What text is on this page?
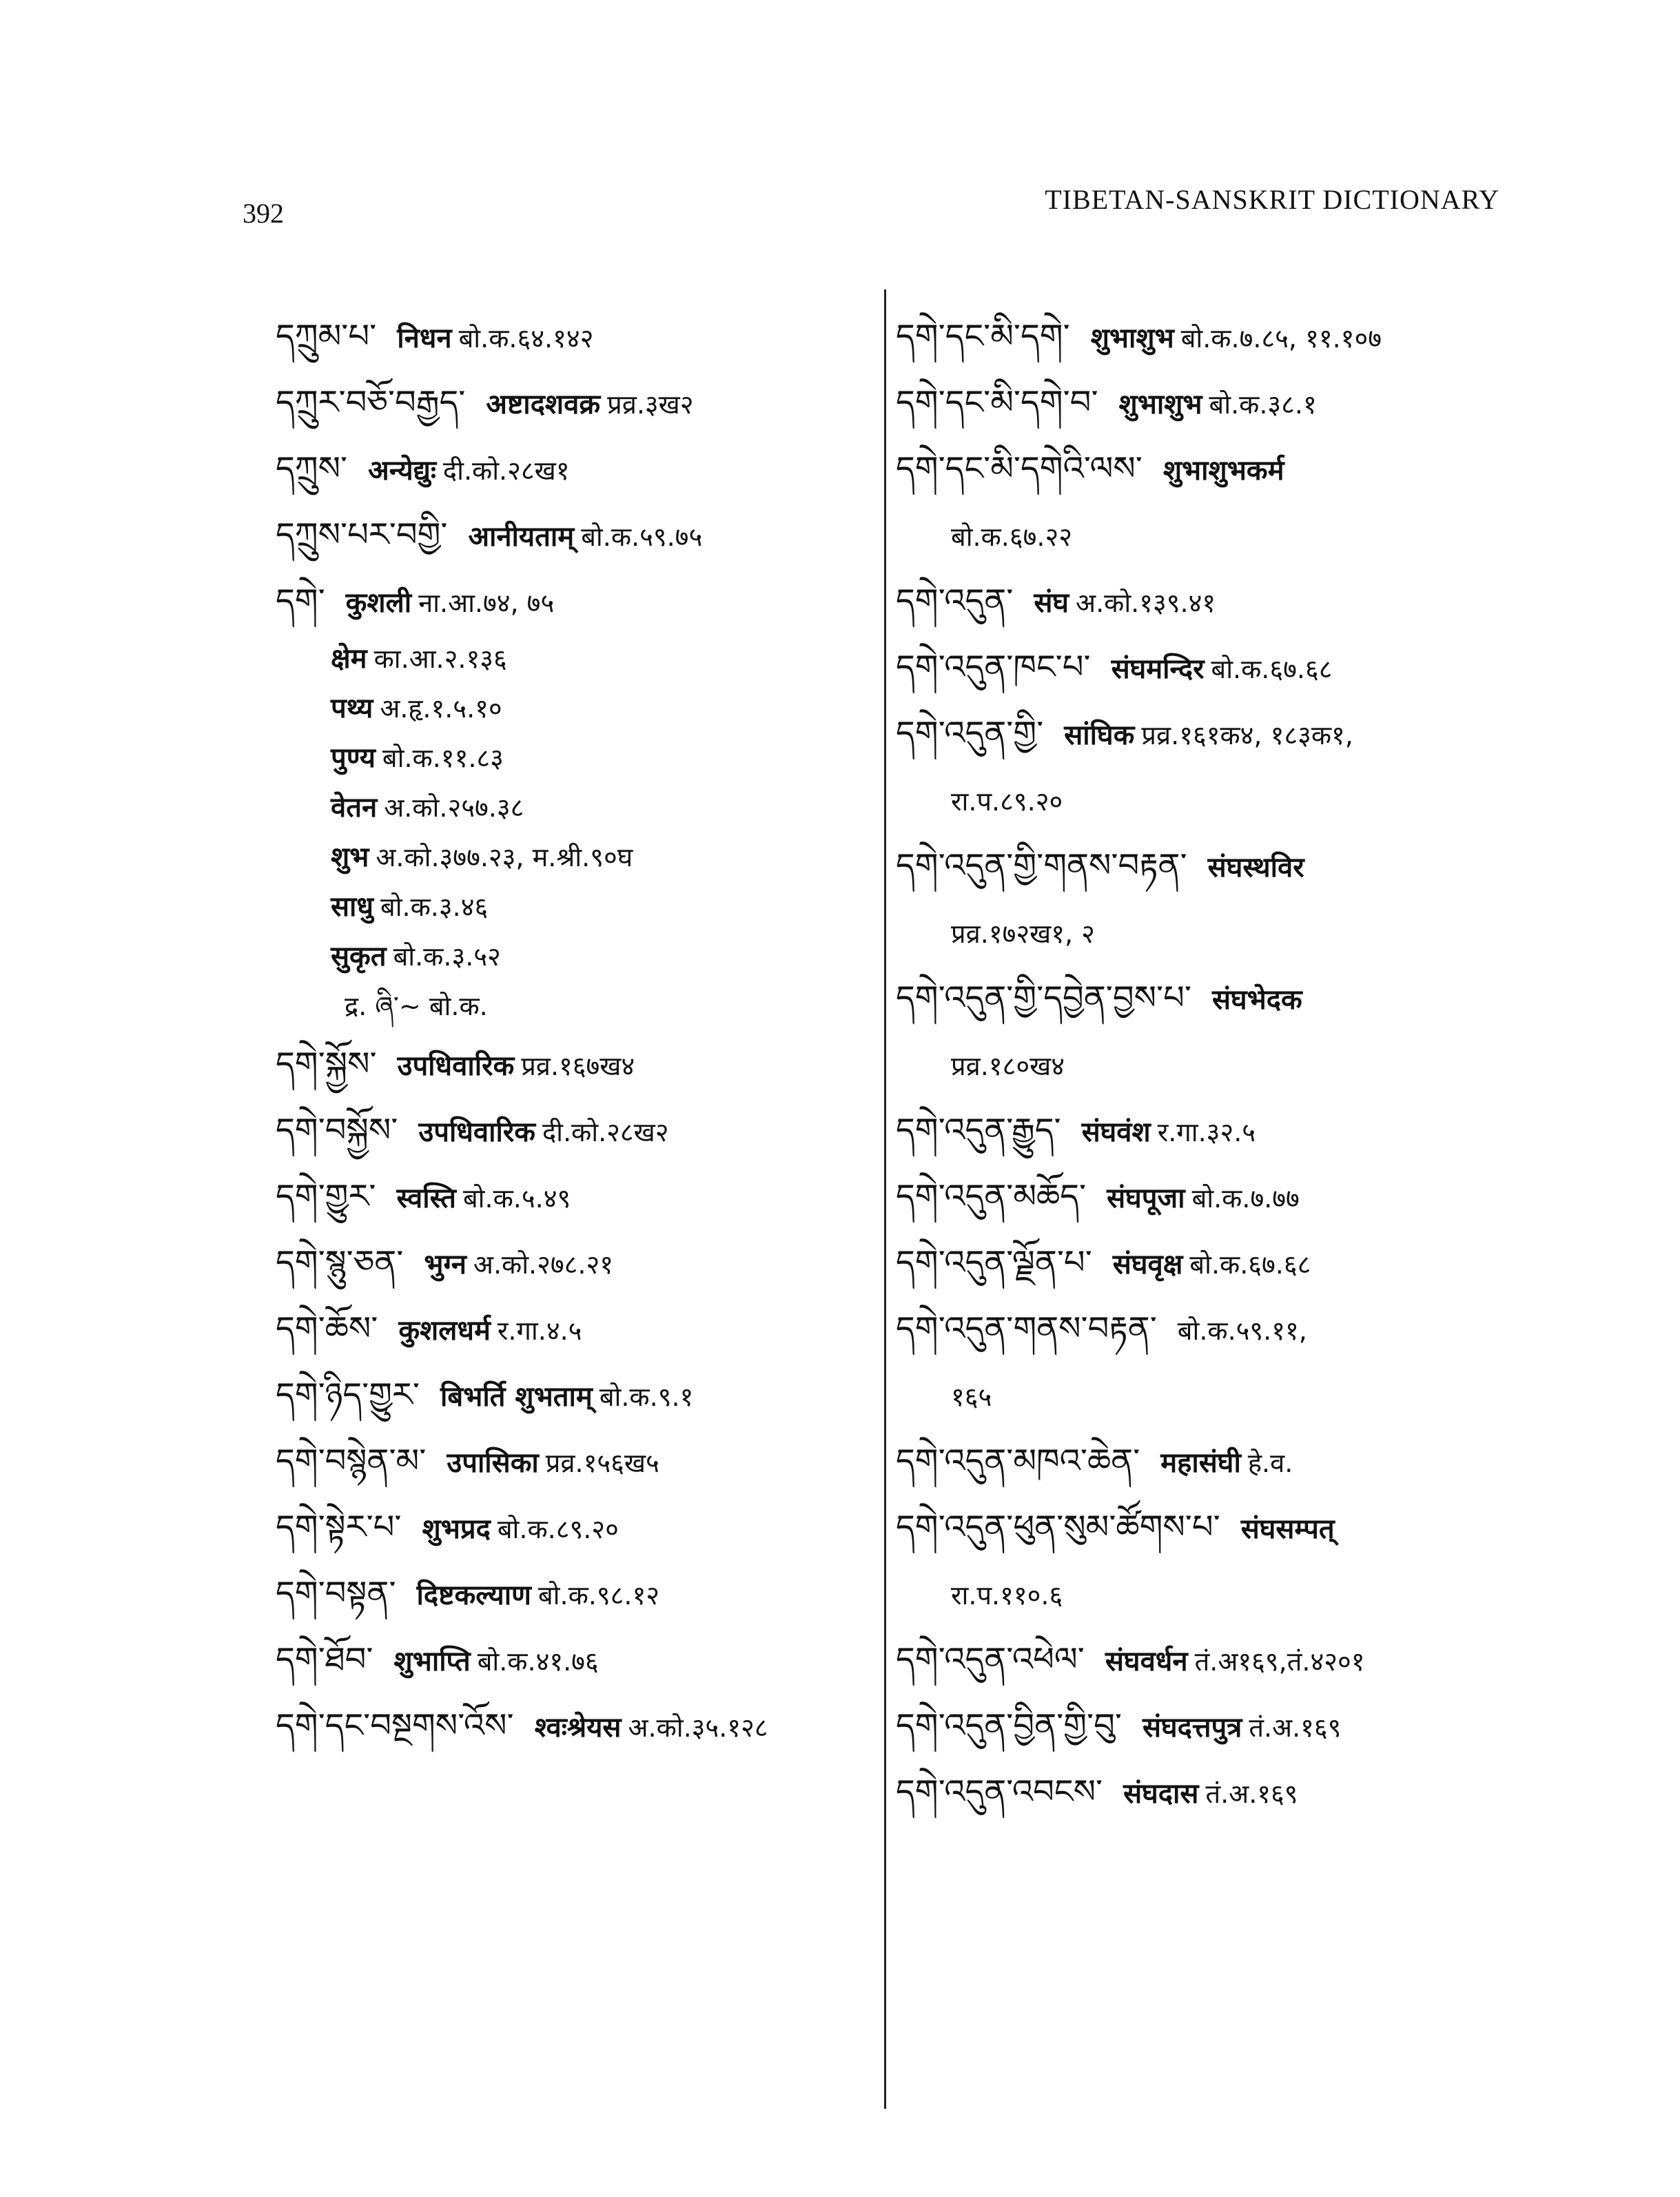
392	TIBETAN-SANSKRIT DICTIONARY
དཀྲུམ་པ་ निधन बो.क.६४.१४२
དཀྲུར་བཅོ་བརྒྱད་ अष्टादशवक्र प्रव्र.३ख२
དཀྲུས་ अन्येद्युः दी.को.२८ख१
དཀྲུས་པར་བགྱི་ आनीयताम् बो.क.५९.७५
དགེ་ कुशली ना.आ.७४, ७५
क्षेम का.आ.२.१३६
पथ्य अ.हृ.१.५.१०
पुण्य बो.क.११.८३
वेतन अ.को.२५७.३८
शुभ अ.को.३७७.२३, म.श्री.९०घ
साधु बो.क.३.४६
सुकृत बो.क.३.५२
द्र. ཞི་~ बो.क.
དགེ་སྐྱོས་ उपधिवारिक प्रव्र.१६७ख४
དགེ་བསྐྱོས་ उपधिवारिक दी.को.२८ख२
དགེ་གྱུར་ स्वस्ति बो.क.५.४९
དགེ་སྙུ་ཅན་ भुग्न अ.को.२७८.२१
དགེ་ཆོས་ कुशलधर्म र.गा.४.५
དགེ་ཉིད་གྱུར་ बिभर्ति शुभताम् बो.क.९.१
དགེ་བསྙེན་མ་ उपासिका प्रव्र.१५६ख५
དགེ་སྟེར་པ་ शुभप्रद बो.क.८९.२०
དགེ་བསྟན་ दिष्टकल्याण बो.क.९८.१२
དགེ་ཐོབ་ शुभाप्ति बो.क.४१.७६
དགེ་དང་བསྔགས་འོས་ श्वःश्रेयस अ.को.३५.१२८
དགེ་དང་མི་དགེ་ शुभाशुभ बो.क.७.८५, ११.१०७
དགེ་དང་མི་དགེ་བ་ शुभाशुभ बो.क.३८.१
དགེ་དང་མི་དགེའི་ལས་ शुभाशुभकर्म
बो.क.६७.२२
དགེ་འདུན་ संघ अ.को.१३९.४१
དགེ་འདུན་ཁང་པ་ संघमन्दिर बो.क.६७.६८
དགེ་འདུན་གྱི་ सांघिक प्रव्र.१६१क४, १८३क१,
रा.प.८९.२०
དགེ་འདུན་གྱི་གནས་བརྟན་ संघस्थविर
प्रव्र.१७२ख१, २
དགེ་འདུན་གྱི་དབྱེན་བྱས་པ་ संघभेदक
प्रव्र.१८०ख४
དགེ་འདུན་རྒྱུད་ संघवंश र.गा.३२.५
དགེ་འདུན་མཆོད་ संघपूजा बो.क.७.७७
དགེ་འདུན་ལྗོན་པ་ संघवृक्ष बो.क.६७.६८
དགེ་འདུན་གནས་བརྟན་ बो.क.५९.११,
१६५
དགེ་འདུན་མཁའ་ཆེན་ महासंघी हे.व.
དགེ་འདུན་ཕུན་སུམ་ཚོགས་པ་ संघसम्पत्
रा.प.११०.६
དགེ་འདུན་འཕེལ་ संघवर्धन तं.अ१६९,तं.४२०१
དགེ་འདུན་བྱིན་གྱི་བུ་ संघदत्तपुत्र तं.अ.१६९
དགེ་འདུན་འབངས་ संघदास तं.अ.१६९
